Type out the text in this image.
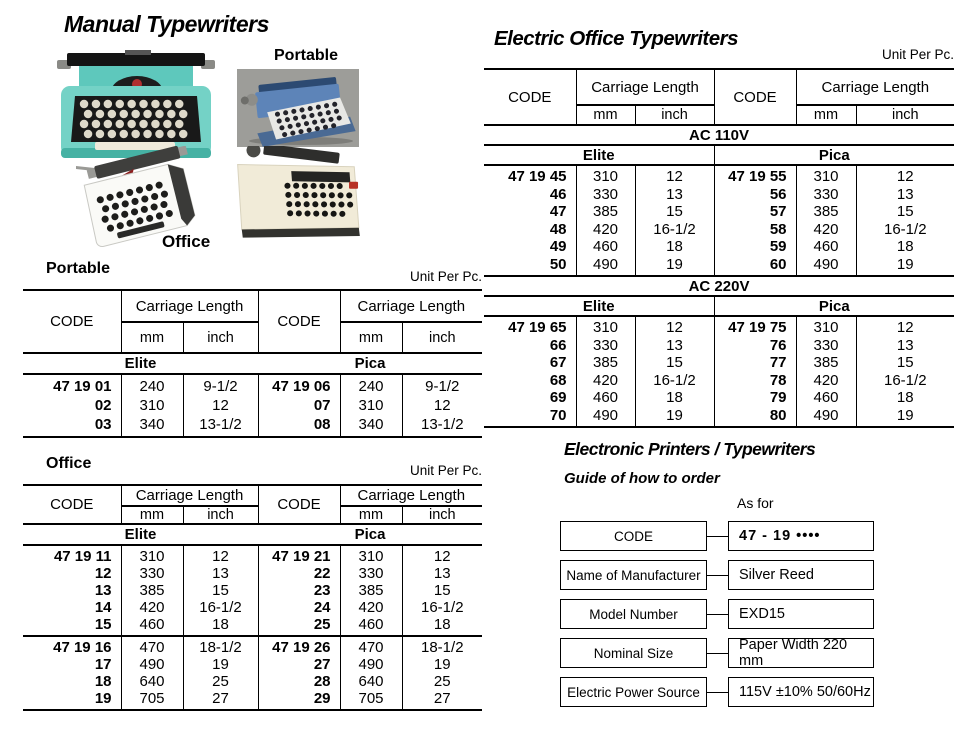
Manual Typewriters
Portable
Office
Portable	Unit Per Pc.
CODE	Carriage Length		CODE	Carriage Length	
	mm	inch		mm	inch
Elite			Pica		
47 19 01	240	9-1/2	47 19 06	240	9-1/2
02	310	12	07	310	12
03	340	13-1/2	08	340	13-1/2
Office	Unit Per Pc.
CODE	Carriage Length		CODE	Carriage Length	
	mm	inch		mm	inch
Elite			Pica		
47 19 11	310	12	47 19 21	310	12
12	330	13	22	330	13
13	385	15	23	385	15
14	420	16-1/2	24	420	16-1/2
15	460	18	25	460	18
47 19 16	470	18-1/2	47 19 26	470	18-1/2
17	490	19	27	490	19
18	640	25	28	640	25
19	705	27	29	705	27
Electric Office Typewriters
Unit Per Pc.
CODE	Carriage Length		CODE	Carriage Length	
	mm	inch		mm	inch
AC 110V					
Elite			Pica		
47 19 45	310	12	47 19 55	310	12
46	330	13	56	330	13
47	385	15	57	385	15
48	420	16-1/2	58	420	16-1/2
49	460	18	59	460	18
50	490	19	60	490	19
AC 220V					
Elite			Pica		
47 19 65	310	12	47 19 75	310	12
66	330	13	76	330	13
67	385	15	77	385	15
68	420	16-1/2	78	420	16-1/2
69	460	18	79	460	18
70	490	19	80	490	19
Electronic Printers / Typewriters
Guide of how to order
As for
CODE	47 - 19 ••••
Name of Manufacturer	Silver Reed
Model Number	EXD15
Nominal Size	Paper Width 220 mm
Electric Power Source	115V ±10% 50/60Hz
